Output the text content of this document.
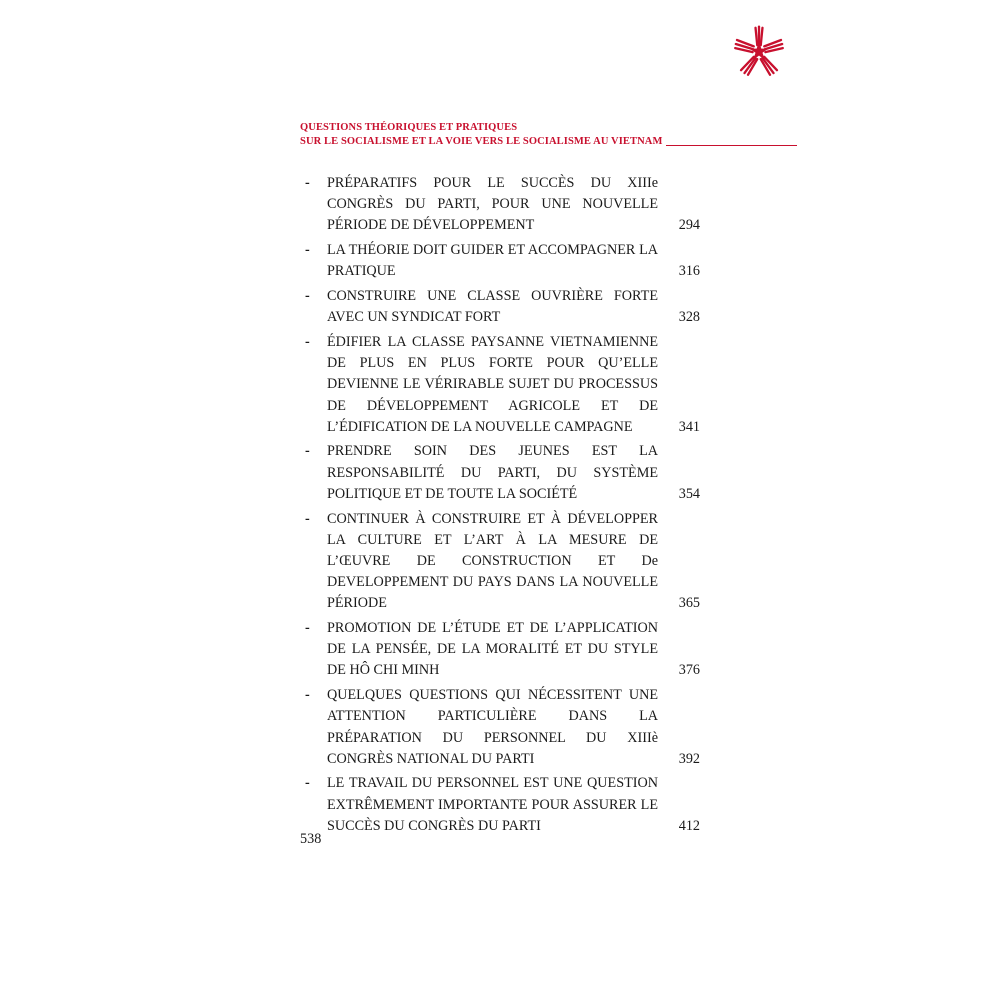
QUESTIONS THÉORIQUES ET PRATIQUES
SUR LE SOCIALISME ET LA VOIE VERS LE SOCIALISME AU VIETNAM
- PRÉPARATIFS POUR LE SUCCÈS DU XIIIe CONGRÈS DU PARTI, POUR UNE NOUVELLE PÉRIODE DE DÉVELOPPEMENT	294
- LA THÉORIE DOIT GUIDER ET ACCOMPAGNER LA PRATIQUE	316
- CONSTRUIRE UNE CLASSE OUVRIÈRE FORTE AVEC UN SYNDICAT FORT	328
- ÉDIFIER LA CLASSE PAYSANNE VIETNAMIENNE DE PLUS EN PLUS FORTE POUR QU’ELLE DEVIENNE LE VÉRIRABLE SUJET DU PROCESSUS DE DÉVELOPPEMENT AGRICOLE ET DE L’ÉDIFICATION DE LA NOUVELLE CAMPAGNE	341
- PRENDRE SOIN DES JEUNES EST LA RESPONSABILITÉ DU PARTI, DU SYSTÈME POLITIQUE ET DE TOUTE LA SOCIÉTÉ	354
- CONTINUER À CONSTRUIRE ET À DÉVELOPPER LA CULTURE ET L’ART À LA MESURE DE L’ŒUVRE DE CONSTRUCTION ET De DEVELOPPEMENT DU PAYS DANS LA NOUVELLE PÉRIODE	365
- PROMOTION DE L’ÉTUDE ET DE L’APPLICATION DE LA PENSÉE, DE LA MORALITÉ ET DU STYLE DE HÔ CHI MINH	376
- QUELQUES QUESTIONS QUI NÉCESSITENT UNE ATTENTION PARTICULIÈRE DANS LA PRÉPARATION DU PERSONNEL DU XIIIè CONGRÈS NATIONAL DU PARTI	392
- LE TRAVAIL DU PERSONNEL EST UNE QUESTION EXTRÊMEMENT IMPORTANTE POUR ASSURER LE SUCCÈS DU CONGRÈS DU PARTI	412
538
